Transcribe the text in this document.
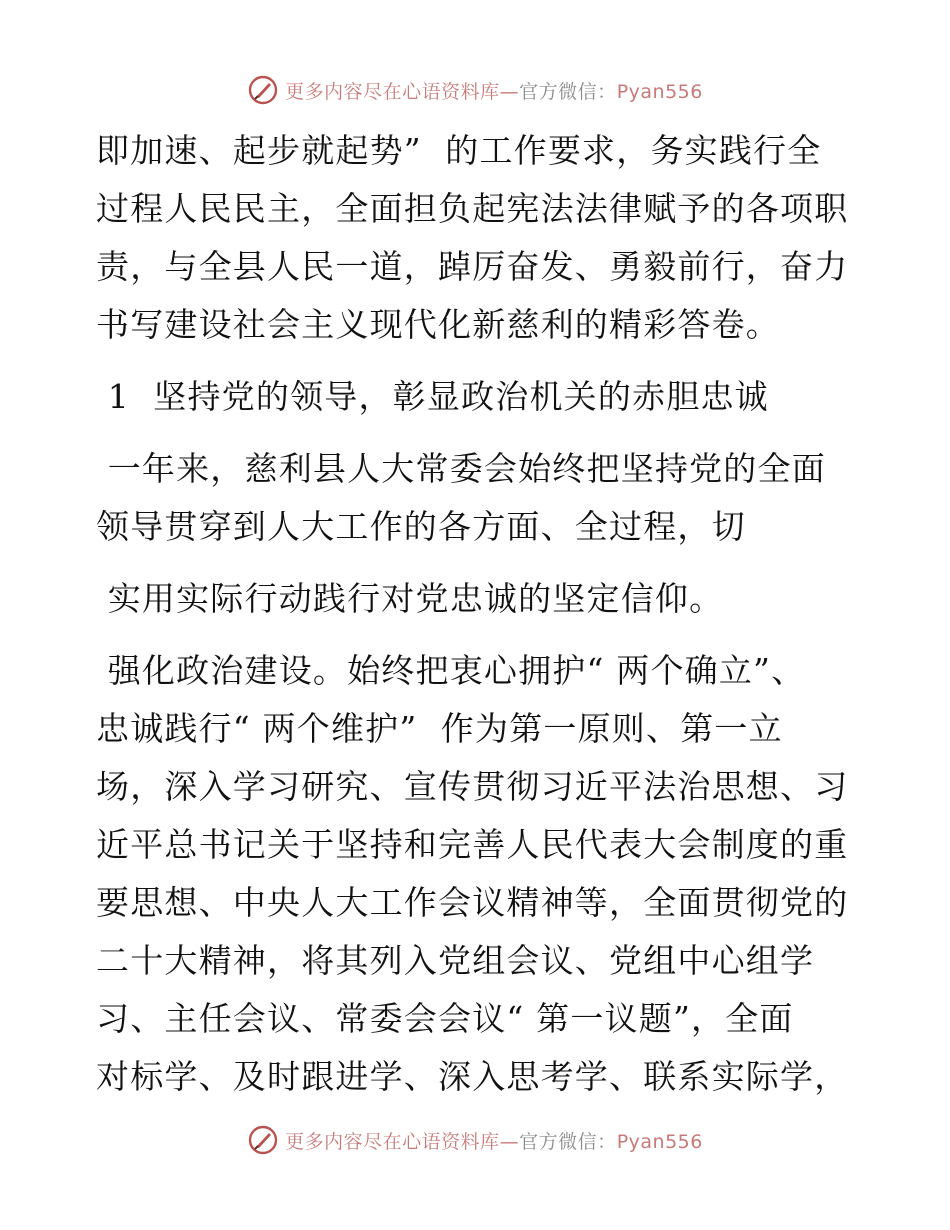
更多内容尽在心语资料库—官方微信：Pyan556
即加速、起步就起势”  的工作要求，务实践行全
过程人民民主，全面担负起宪法法律赋予的各项职
责，与全县人民一道，踔厉奋发、勇毅前行，奋力
书写建设社会主义现代化新慈利的精彩答卷。
1  坚持党的领导，彰显政治机关的赤胆忠诚
一年来，慈利县人大常委会始终把坚持党的全面
领导贯穿到人大工作的各方面、全过程，切
实用实际行动践行对党忠诚的坚定信仰。
强化政治建设。始终把衷心拥护“ 两个确立”、
忠诚践行“ 两个维护”  作为第一原则、第一立
场，深入学习研究、宣传贯彻习近平法治思想、习
近平总书记关于坚持和完善人民代表大会制度的重
要思想、中央人大工作会议精神等，全面贯彻党的
二十大精神，将其列入党组会议、党组中心组学
习、主任会议、常委会会议“ 第一议题”，全面
对标学、及时跟进学、深入思考学、联系实际学，
更多内容尽在心语资料库—官方微信：Pyan556
